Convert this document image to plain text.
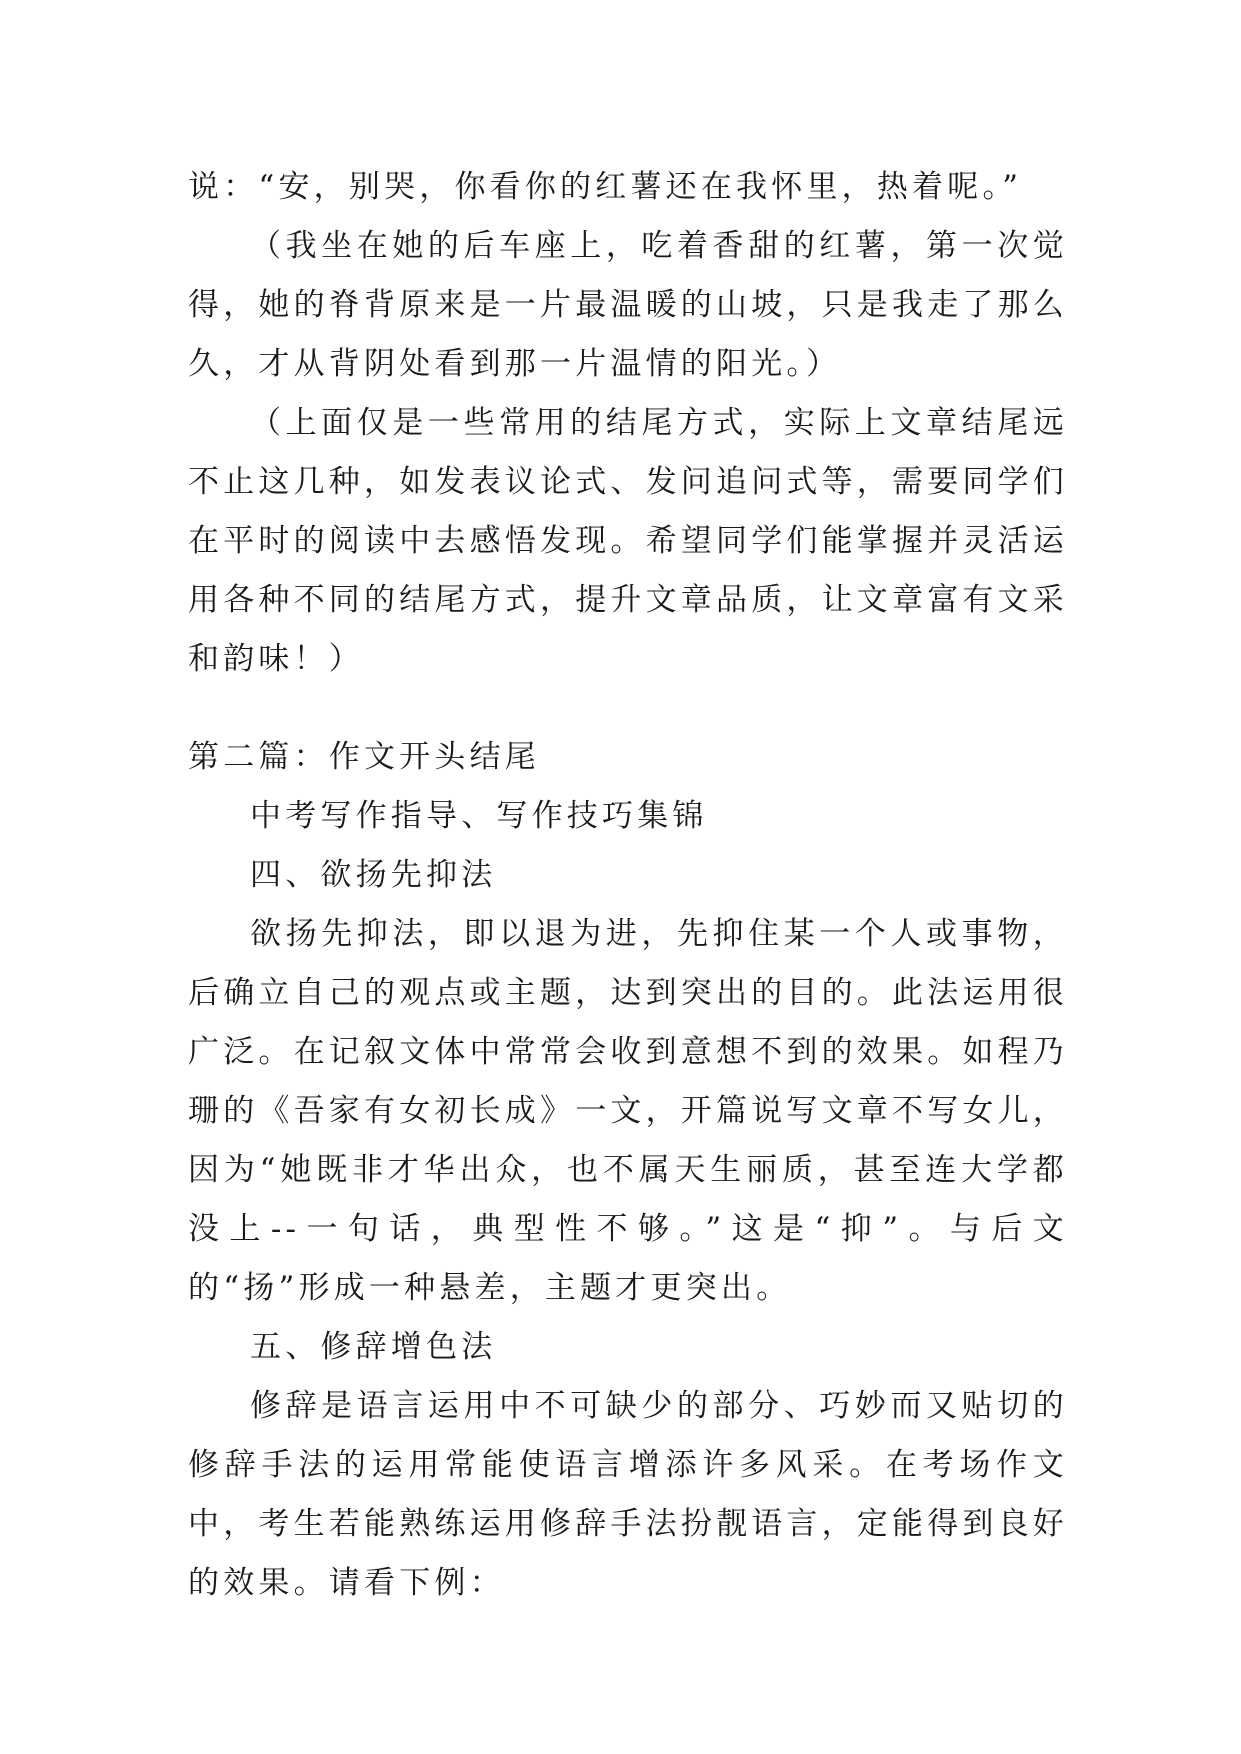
说：“安，别哭，你看你的红薯还在我怀里，热着呢。”

（我坐在她的后车座上，吃着香甜的红薯，第一次觉得，她的脊背原来是一片最温暖的山坡，只是我走了那么久，才从背阴处看到那一片温情的阳光。）

（上面仅是一些常用的结尾方式，实际上文章结尾远不止这几种，如发表议论式、发问追问式等，需要同学们在平时的阅读中去感悟发现。希望同学们能掌握并灵活运用各种不同的结尾方式，提升文章品质，让文章富有文采和韵味！）

第二篇：作文开头结尾

中考写作指导、写作技巧集锦

四、欲扬先抑法

欲扬先抑法，即以退为进，先抑住某一个人或事物，后确立自己的观点或主题，达到突出的目的。此法运用很广泛。在记叙文体中常常会收到意想不到的效果。如程乃珊的《吾家有女初长成》一文，开篇说写文章不写女儿，因为“她既非才华出众，也不属天生丽质，甚至连大学都没上--一句话，典型性不够。”这是“抑”。与后文的“扬”形成一种悬差，主题才更突出。

五、修辞增色法

修辞是语言运用中不可缺少的部分、巧妙而又贴切的修辞手法的运用常能使语言增添许多风采。在考场作文中，考生若能熟练运用修辞手法扮靓语言，定能得到良好的效果。请看下例：
